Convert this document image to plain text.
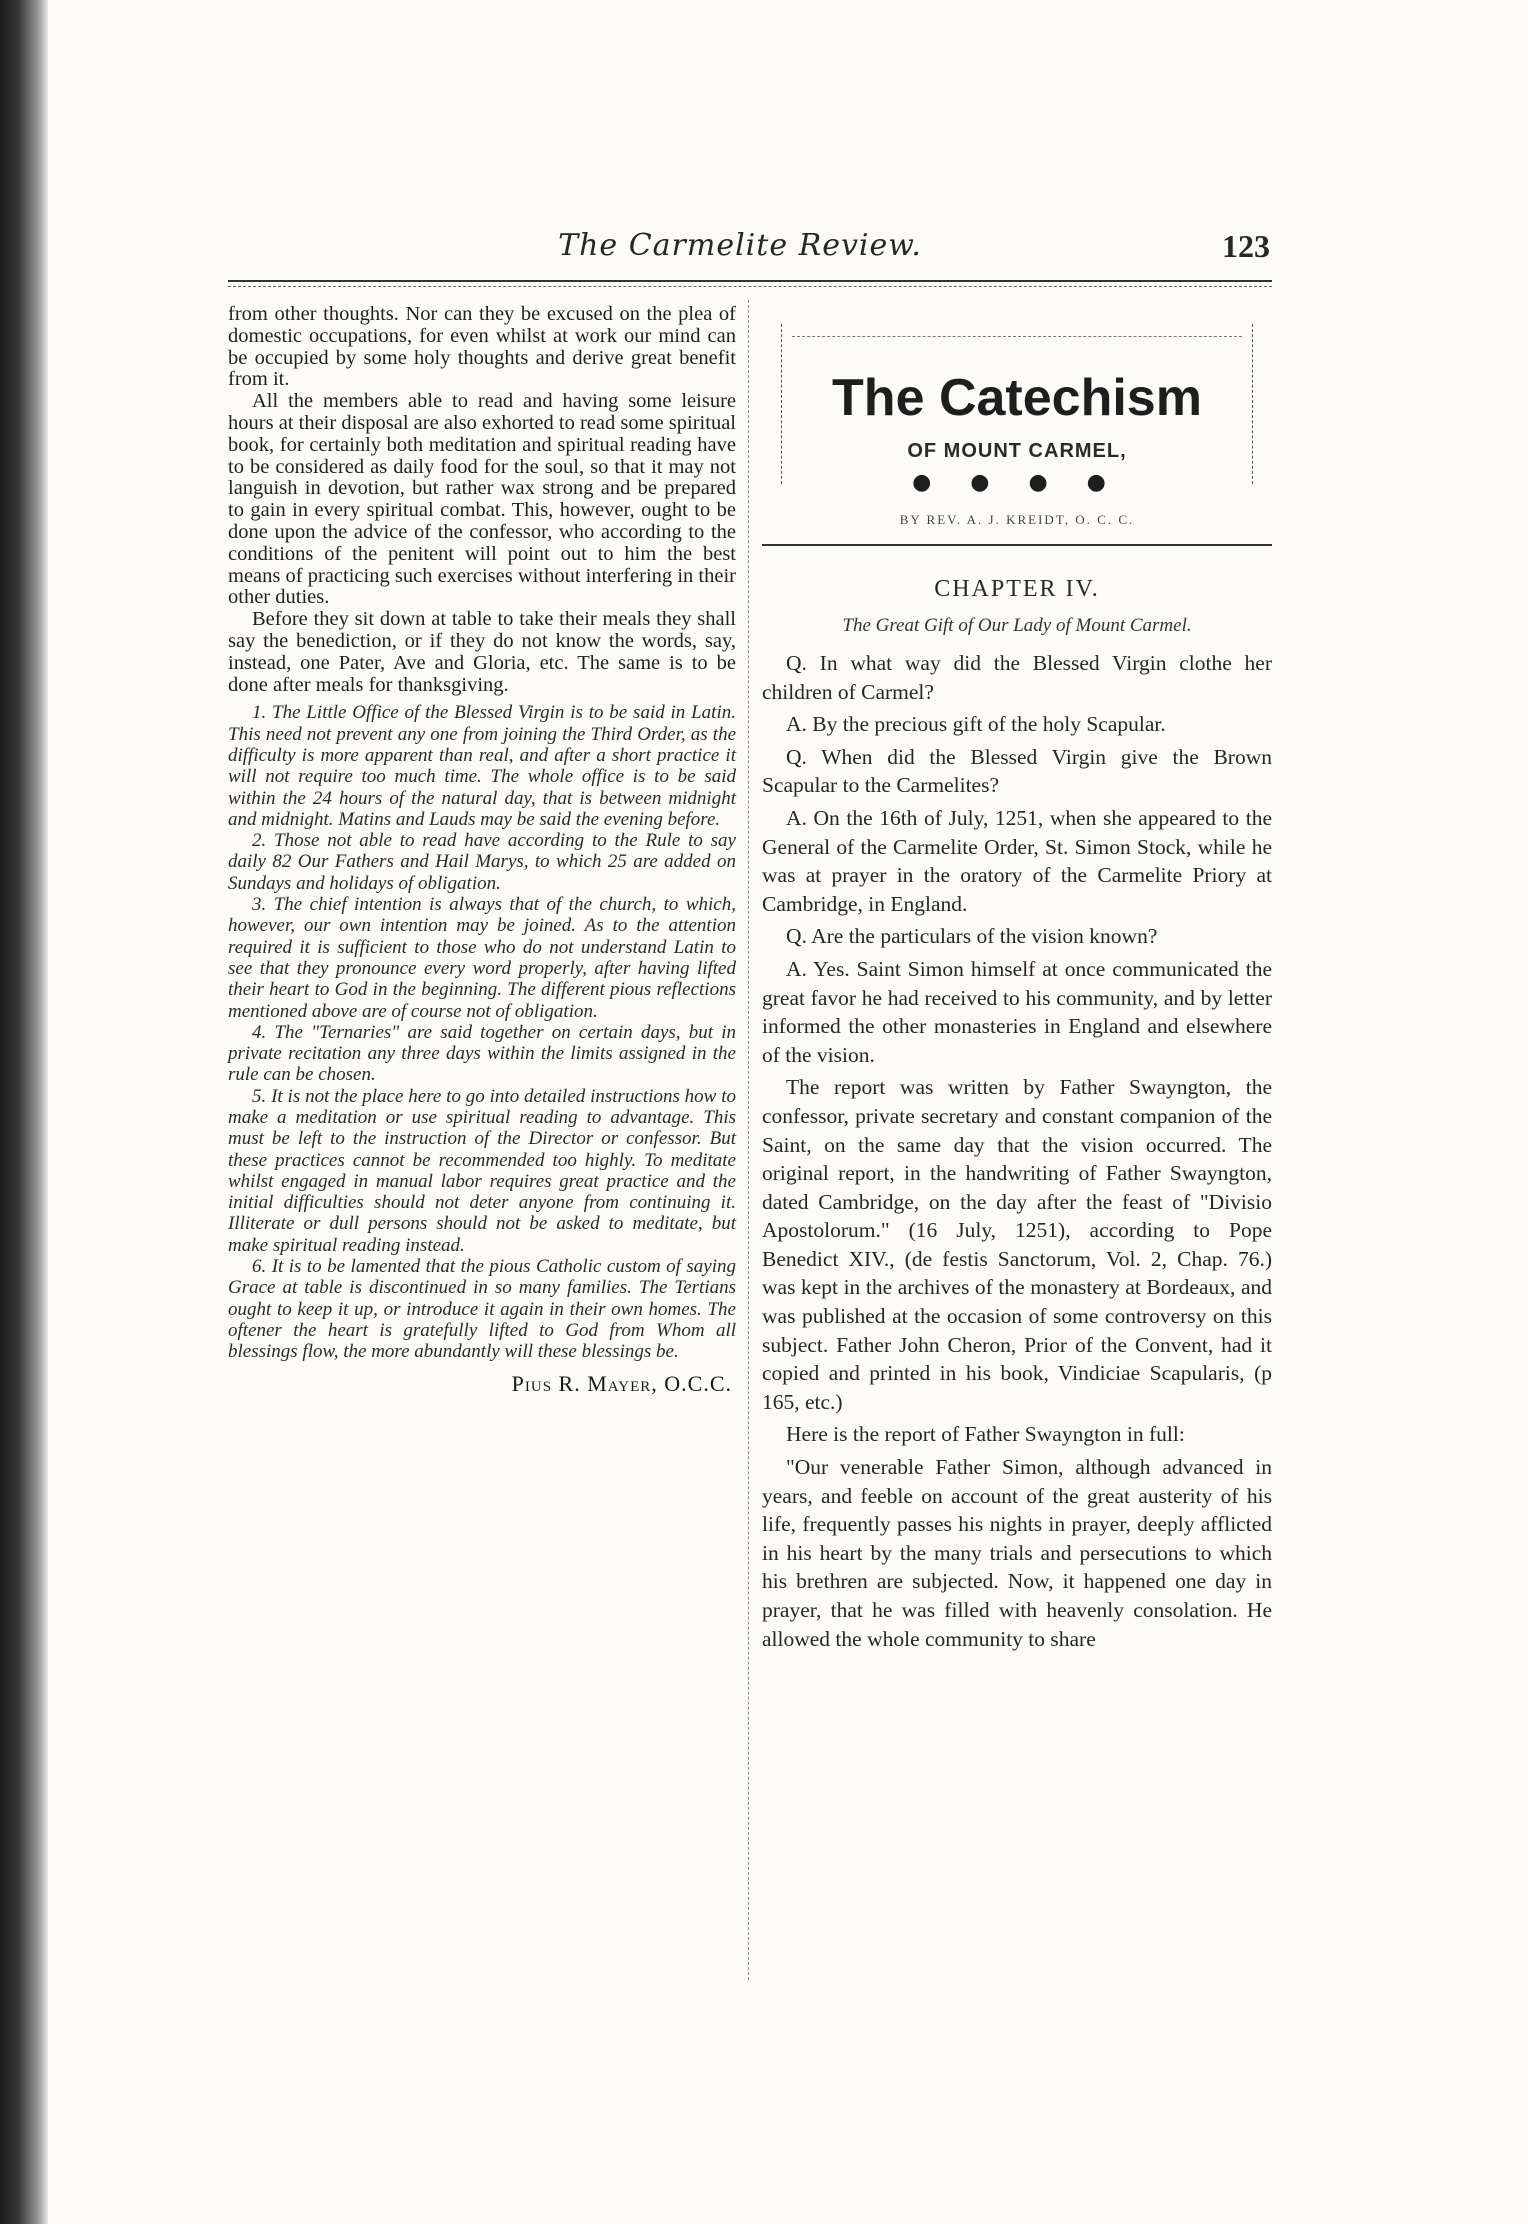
The Carmelite Review.	123

from other thoughts. Nor can they be excused on the plea of domestic occupations, for even whilst at work our mind can be occupied by some holy thoughts and derive great benefit from it.

All the members able to read and having some leisure hours at their disposal are also exhorted to read some spiritual book, for certainly both meditation and spiritual reading have to be considered as daily food for the soul, so that it may not languish in devotion, but rather wax strong and be prepared to gain in every spiritual combat. This, however, ought to be done upon the advice of the confessor, who according to the conditions of the penitent will point out to him the best means of practicing such exercises without interfering in their other duties.

Before they sit down at table to take their meals they shall say the benediction, or if they do not know the words, say, instead, one Pater, Ave and Gloria, etc. The same is to be done after meals for thanksgiving.

1. The Little Office of the Blessed Virgin is to be said in Latin. This need not prevent any one from joining the Third Order, as the difficulty is more apparent than real, and after a short practice it will not require too much time. The whole office is to be said within the 24 hours of the natural day, that is between midnight and midnight. Matins and Lauds may be said the evening before.

2. Those not able to read have according to the Rule to say daily 82 Our Fathers and Hail Marys, to which 25 are added on Sundays and holidays of obligation.

3. The chief intention is always that of the church, to which, however, our own intention may be joined. As to the attention required it is sufficient to those who do not understand Latin to see that they pronounce every word properly, after having lifted their heart to God in the beginning. The different pious reflections mentioned above are of course not of obligation.

4. The "Ternaries" are said together on certain days, but in private recitation any three days within the limits assigned in the rule can be chosen.

5. It is not the place here to go into detailed instructions how to make a meditation or use spiritual reading to advantage. This must be left to the instruction of the Director or confessor. But these practices cannot be recommended too highly. To meditate whilst engaged in manual labor requires great practice and the initial difficulties should not deter anyone from continuing it. Illiterate or dull persons should not be asked to meditate, but make spiritual reading instead.

6. It is to be lamented that the pious Catholic custom of saying Grace at table is discontinued in so many families. The Tertians ought to keep it up, or introduce it again in their own homes. The oftener the heart is gratefully lifted to God from Whom all blessings flow, the more abundantly will these blessings be.

Pius R. Mayer, O.C.C.
The Catechism
OF MOUNT CARMEL,
● ● ● ●
BY REV. A. J. KREIDT, O. C. C.
CHAPTER IV.
The Great Gift of Our Lady of Mount Carmel.

Q. In what way did the Blessed Virgin clothe her children of Carmel?

A. By the precious gift of the holy Scapular.

Q. When did the Blessed Virgin give the Brown Scapular to the Carmelites?

A. On the 16th of July, 1251, when she appeared to the General of the Carmelite Order, St. Simon Stock, while he was at prayer in the oratory of the Carmelite Priory at Cambridge, in England.

Q. Are the particulars of the vision known?

A. Yes. Saint Simon himself at once communicated the great favor he had received to his community, and by letter informed the other monasteries in England and elsewhere of the vision.

The report was written by Father Swayngton, the confessor, private secretary and constant companion of the Saint, on the same day that the vision occurred. The original report, in the handwriting of Father Swayngton, dated Cambridge, on the day after the feast of "Divisio Apostolorum." (16 July, 1251), according to Pope Benedict XIV., (de festis Sanctorum, Vol. 2, Chap. 76.) was kept in the archives of the monastery at Bordeaux, and was published at the occasion of some controversy on this subject. Father John Cheron, Prior of the Convent, had it copied and printed in his book, Vindiciae Scapularis, (p 165, etc.)

Here is the report of Father Swayngton in full:

"Our venerable Father Simon, although advanced in years, and feeble on account of the great austerity of his life, frequently passes his nights in prayer, deeply afflicted in his heart by the many trials and persecutions to which his brethren are subjected. Now, it happened one day in prayer, that he was filled with heavenly consolation. He allowed the whole community to share
